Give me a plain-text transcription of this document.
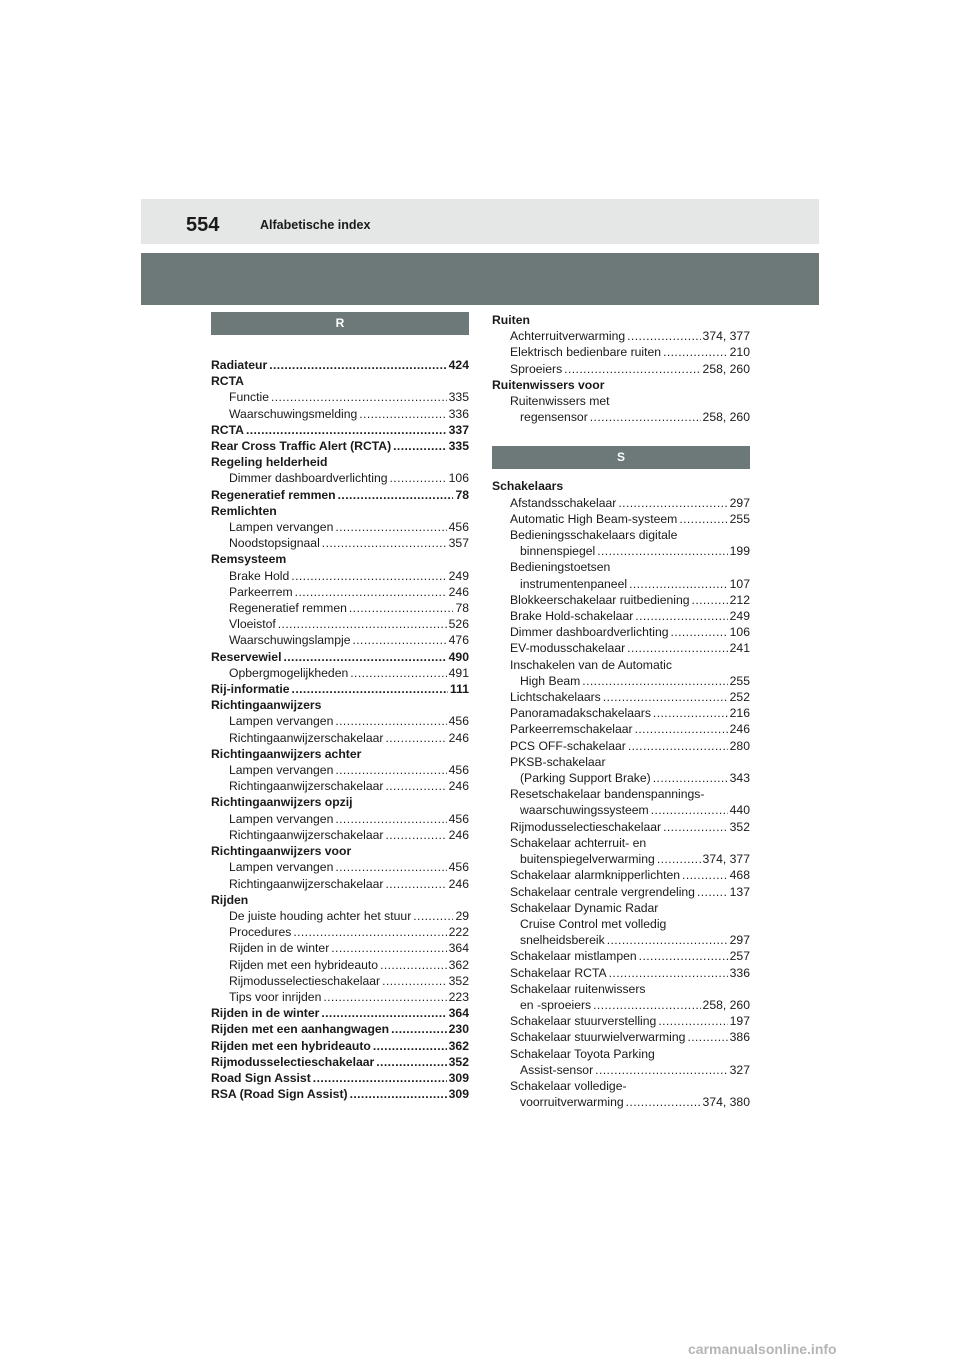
554	Alfabetische index
R
Radiateur .....	424
RCTA
Functie .....	335
Waarschuwingsmelding .....	336
RCTA .....	337
Rear Cross Traffic Alert (RCTA) .....	335
Regeling helderheid
Dimmer dashboardverlichting .....	106
Regeneratief remmen .....	78
Remlichten
Lampen vervangen .....	456
Noodstopsignaal .....	357
Remsysteem
Brake Hold .....	249
Parkeerrem .....	246
Regeneratief remmen .....	78
Vloeistof .....	526
Waarschuwingslampje .....	476
Reservewiel .....	490
Opbergmogelijkheden .....	491
Rij-informatie .....	111
Richtingaanwijzers
Lampen vervangen .....	456
Richtingaanwijzerschakelaar .....	246
Richtingaanwijzers achter
Lampen vervangen .....	456
Richtingaanwijzerschakelaar .....	246
Richtingaanwijzers opzij
Lampen vervangen .....	456
Richtingaanwijzerschakelaar .....	246
Richtingaanwijzers voor
Lampen vervangen .....	456
Richtingaanwijzerschakelaar .....	246
Rijden
De juiste houding achter het stuur .....	29
Procedures .....	222
Rijden in de winter .....	364
Rijden met een hybrideauto .....	362
Rijmodusselectieschakelaar .....	352
Tips voor inrijden .....	223
Rijden in de winter .....	364
Rijden met een aanhangwagen .....	230
Rijden met een hybrideauto .....	362
Rijmodusselectieschakelaar .....	352
Road Sign Assist .....	309
RSA (Road Sign Assist) .....	309
Ruiten
Achterruitverwarming .....	374, 377
Elektrisch bedienbare ruiten .....	210
Sproeiers .....	258, 260
Ruitenwissers voor
Ruitenwissers met
regensensor .....	258, 260
S
Schakelaars
Afstandsschakelaar .....	297
Automatic High Beam-systeem .....	255
Bedieningsschakelaars digitale
binnenspiegel .....	199
Bedieningstoetsen
instrumentenpaneel .....	107
Blokkeerschakelaar ruitbediening .....	212
Brake Hold-schakelaar .....	249
Dimmer dashboardverlichting .....	106
EV-modusschakelaar .....	241
Inschakelen van de Automatic
High Beam .....	255
Lichtschakelaars .....	252
Panoramadakschakelaars .....	216
Parkeerremschakelaar .....	246
PCS OFF-schakelaar .....	280
PKSB-schakelaar
(Parking Support Brake) .....	343
Resetschakelaar bandenspannings-
waarschuwingssysteem .....	440
Rijmodusselectieschakelaar .....	352
Schakelaar achterruit- en
buitenspiegelverwarming .....	374, 377
Schakelaar alarmknipperlichten .....	468
Schakelaar centrale vergrendeling .....	137
Schakelaar Dynamic Radar
Cruise Control met volledig
snelheidsbereik .....	297
Schakelaar mistlampen .....	257
Schakelaar RCTA .....	336
Schakelaar ruitenwissers
en -sproeiers .....	258, 260
Schakelaar stuurverstelling .....	197
Schakelaar stuurwielverwarming .....	386
Schakelaar Toyota Parking
Assist-sensor .....	327
Schakelaar volledige-
voorruitverwarming .....	374, 380
carmanualsonline.info
